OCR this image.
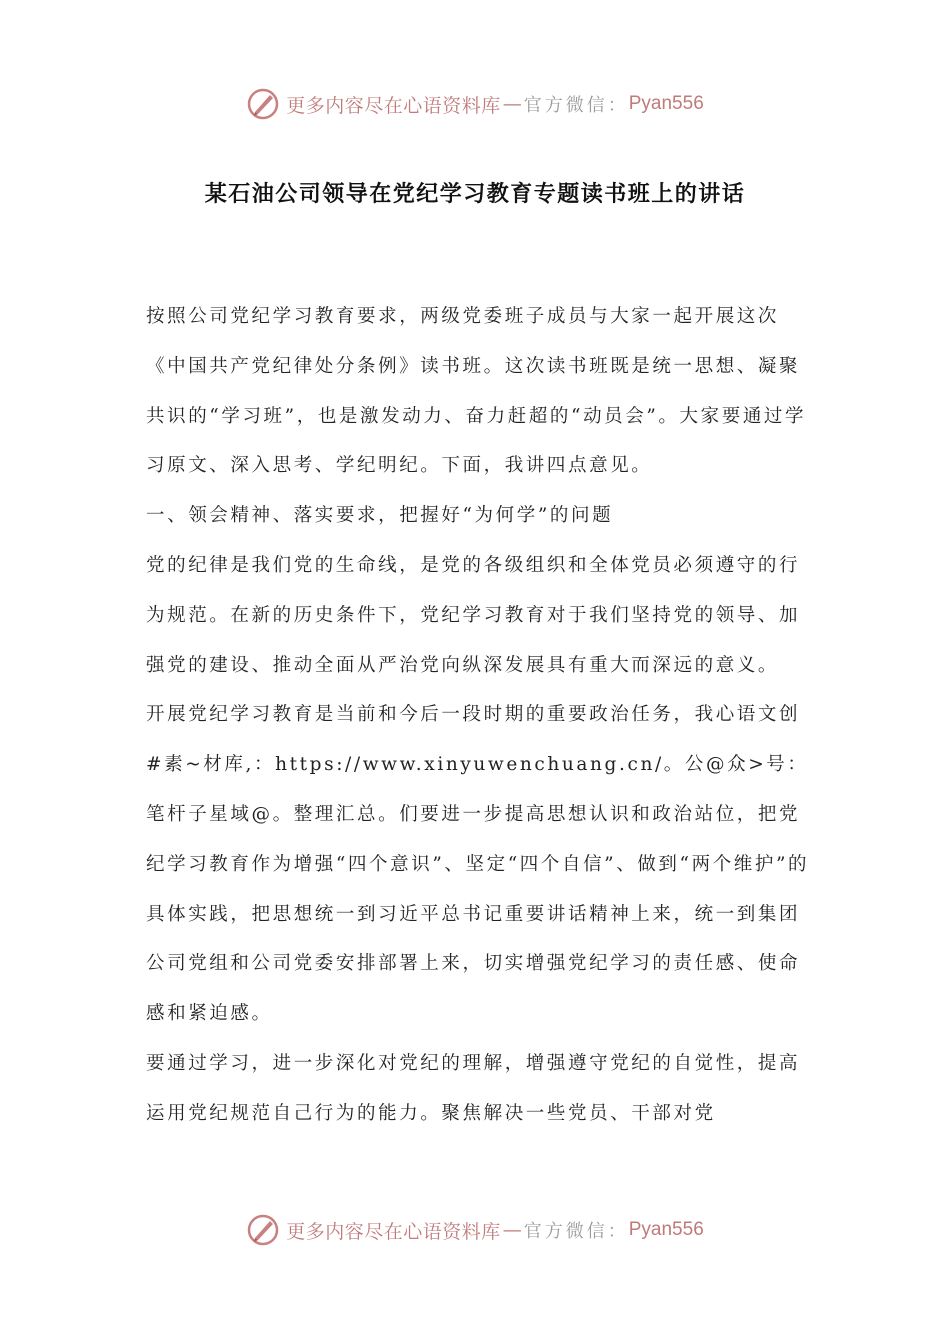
更多内容尽在心语资料库 — 官方微信： Pyan556
某石油公司领导在党纪学习教育专题读书班上的讲话

按照公司党纪学习教育要求，两级党委班子成员与大家一起开展这次《中国共产党纪律处分条例》读书班。这次读书班既是统一思想、凝聚共识的“学习班”，也是激发动力、奋力赶超的“动员会”。大家要通过学习原文、深入思考、学纪明纪。下面，我讲四点意见。

一、领会精神、落实要求，把握好“为何学”的问题

党的纪律是我们党的生命线，是党的各级组织和全体党员必须遵守的行为规范。在新的历史条件下，党纪学习教育对于我们坚持党的领导、加强党的建设、推动全面从严治党向纵深发展具有重大而深远的意义。

开展党纪学习教育是当前和今后一段时期的重要政治任务，我心语文创#素~材库,：https://www.xinyuwenchuang.cn/。公@众>号：笔杆子星域@。整理汇总。们要进一步提高思想认识和政治站位，把党纪学习教育作为增强“四个意识”、坚定“四个自信”、做到“两个维护”的具体实践，把思想统一到习近平总书记重要讲话精神上来，统一到集团公司党组和公司党委安排部署上来，切实增强党纪学习的责任感、使命感和紧迫感。

要通过学习，进一步深化对党纪的理解，增强遵守党纪的自觉性，提高运用党纪规范自己行为的能力。聚焦解决一些党员、干部对党

更多内容尽在心语资料库 — 官方微信： Pyan556
